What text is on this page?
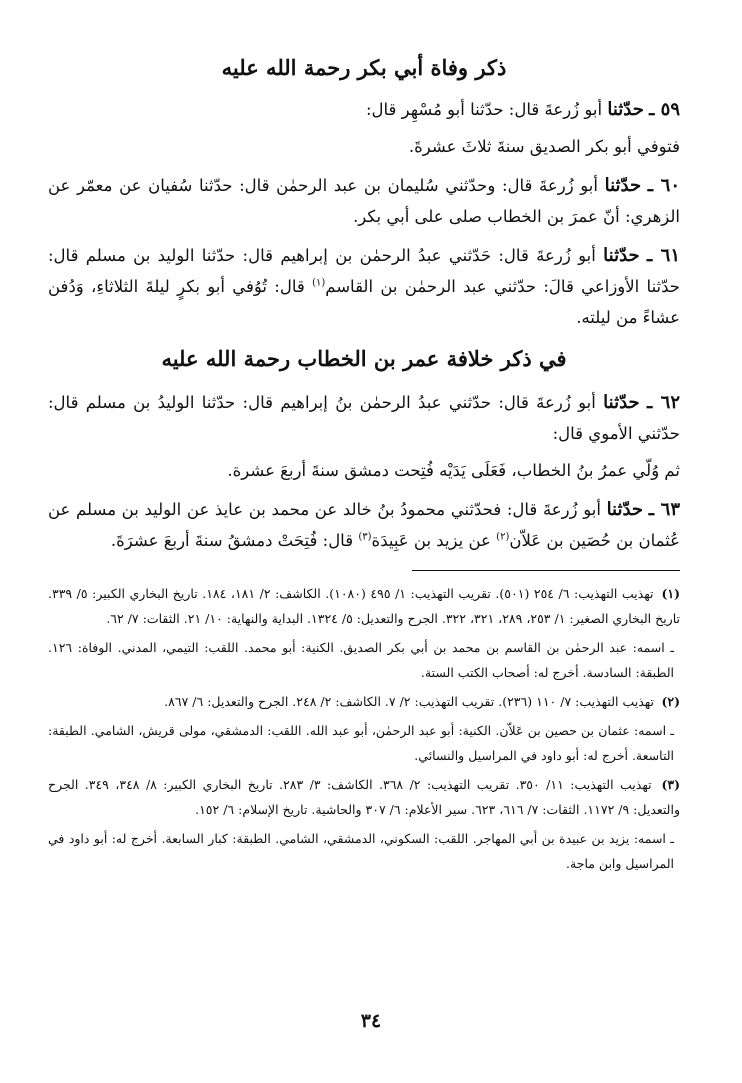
ذكر وفاة أبي بكر رحمة الله عليه

٥٩ ـ حدّثنا أبو زُرعةَ قال: حدّثنا أبو مُسْهِر قال:

فتوفي أبو بكر الصديق سنةَ ثلاثَ عشرةَ.

٦٠ ـ حدّثنا أبو زُرعةَ قال: وحدّثني سُليمان بن عبد الرحمٰن قال: حدّثنا سُفيان عن معمّر عن الزهري: أنّ عمرَ بن الخطاب صلى على أبي بكر.

٦١ ـ حدّثنا أبو زُرعةَ قال: حَدّثني عبدُ الرحمٰن بن إبراهيم قال: حدّثنا الوليد بن مسلم قال: حدّثنا الأوزاعي قالَ: حدّثني عبد الرحمٰن بن القاسم$^{(١)}$ قال: تُوُفي أبو بكرٍ ليلةَ الثلاثاءِ، وَدُفن عشاءً من ليلته.

في ذكر خلافة عمر بن الخطاب رحمة الله عليه

٦٢ ـ حدّثنا أبو زُرعةَ قال: حدّثني عبدُ الرحمٰن بنُ إبراهيم قال: حدّثنا الوليدُ بن مسلم قال: حدّثني الأموي قال:

ثم وُلّي عمرُ بنُ الخطاب، فَعَلَى يَدَيْه فُتِحت دمشق سنةَ أربعَ عشرة.

٦٣ ـ حدّثنا أبو زُرعةَ قال: فحدّثني محمودُ بنُ خالد عن محمد بن عايذ عن الوليد بن مسلم عن عُثمان بن حُصَين بن عَلاّن$^{(٢)}$ عن يزيد بن عَبِيدَة$^{(٣)}$ قال: فُتِحَتْ دمشقُ سنةَ أربعَ عشرَةَ.

(١) تهذيب التهذيب: ٦/ ٢٥٤ (٥٠١). تقريب التهذيب: ١/ ٤٩٥ (١٠٨٠). الكاشف: ٢/ ١٨١، ١٨٤. تاريخ البخاري الكبير: ٥/ ٣٣٩. تاريخ البخاري الصغير: ١/ ٢٥٣، ٢٨٩، ٣٢١، ٣٢٢. الجرح والتعديل: ٥/ ١٣٢٤. البداية والنهاية: ١٠/ ٢١. الثقات: ٧/ ٦٢.

ـ اسمه: عبد الرحمٰن بن القاسم بن محمد بن أبي بكر الصديق. الكنية: أبو محمد. اللقب: التيمي، المدني. الوفاة: ١٢٦. الطبقة: السادسة. أخرج له: أصحاب الكتب الستة.

(٢) تهذيب التهذيب: ٧/ ١١٠ (٢٣٦). تقريب التهذيب: ٢/ ٧. الكاشف: ٢/ ٢٤٨. الجرح والتعديل: ٦/ ٨٦٧.

ـ اسمه: عثمان بن حصين بن عَلاّن. الكنية: أبو عبد الرحمٰن، أبو عبد الله. اللقب: الدمشقي، مولى قريش، الشامي. الطبقة: التاسعة. أخرج له: أبو داود في المراسيل والنسائي.

(٣) تهذيب التهذيب: ١١/ ٣٥٠. تقريب التهذيب: ٢/ ٣٦٨. الكاشف: ٣/ ٢٨٣. تاريخ البخاري الكبير: ٨/ ٣٤٨، ٣٤٩. الجرح والتعديل: ٩/ ١١٧٢. الثقات: ٧/ ٦١٦، ٦٢٣. سير الأعلام: ٦/ ٣٠٧ والحاشية. تاريخ الإسلام: ٦/ ١٥٢.

ـ اسمه: يزيد بن عبيدة بن أبي المهاجر. اللقب: السكوني، الدمشقي، الشامي. الطبقة: كبار السابعة. أخرج له: أبو داود في المراسيل وابن ماجة.

٣٤
